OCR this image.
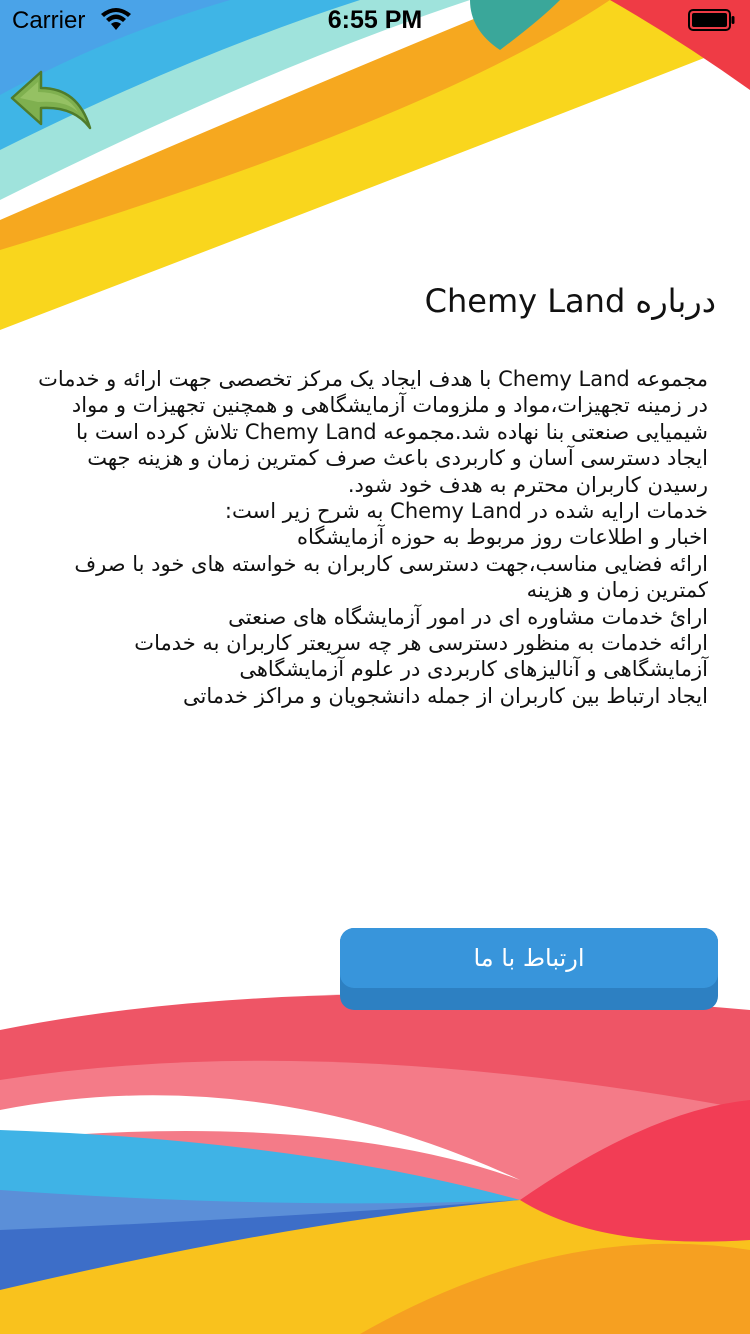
Carrier	6:55 PM
درباره Chemy Land

مجموعه Chemy Land با هدف ایجاد یک مرکز تخصصی جهت ارائه و خدمات در زمینه تجهیزات،مواد و ملزومات آزمایشگاهی و همچنین تجهیزات و مواد شیمیایی صنعتی بنا نهاده شد.مجموعه Chemy Land تلاش کرده است با ایجاد دسترسی آسان و کاربردی باعث صرف کمترین زمان و هزینه جهت رسیدن کاربران محترم به هدف خود شود.

خدمات ارایه شده در Chemy Land به شرح زیر است:

اخبار و اطلاعات روز مربوط به حوزه آزمایشگاه

ارائه فضایی مناسب،جهت دسترسی کاربران به خواسته های خود با صرف کمترین زمان و هزینه

ارائ خدمات مشاوره ای در امور آزمایشگاه های صنعتی

ارائه خدمات به منظور دسترسی هر چه سریعتر کاربران به خدمات آزمایشگاهی و آنالیزهای کاربردی در علوم آزمایشگاهی

ایجاد ارتباط بین کاربران از جمله دانشجویان و مراکز خدماتی

ارتباط با ما
